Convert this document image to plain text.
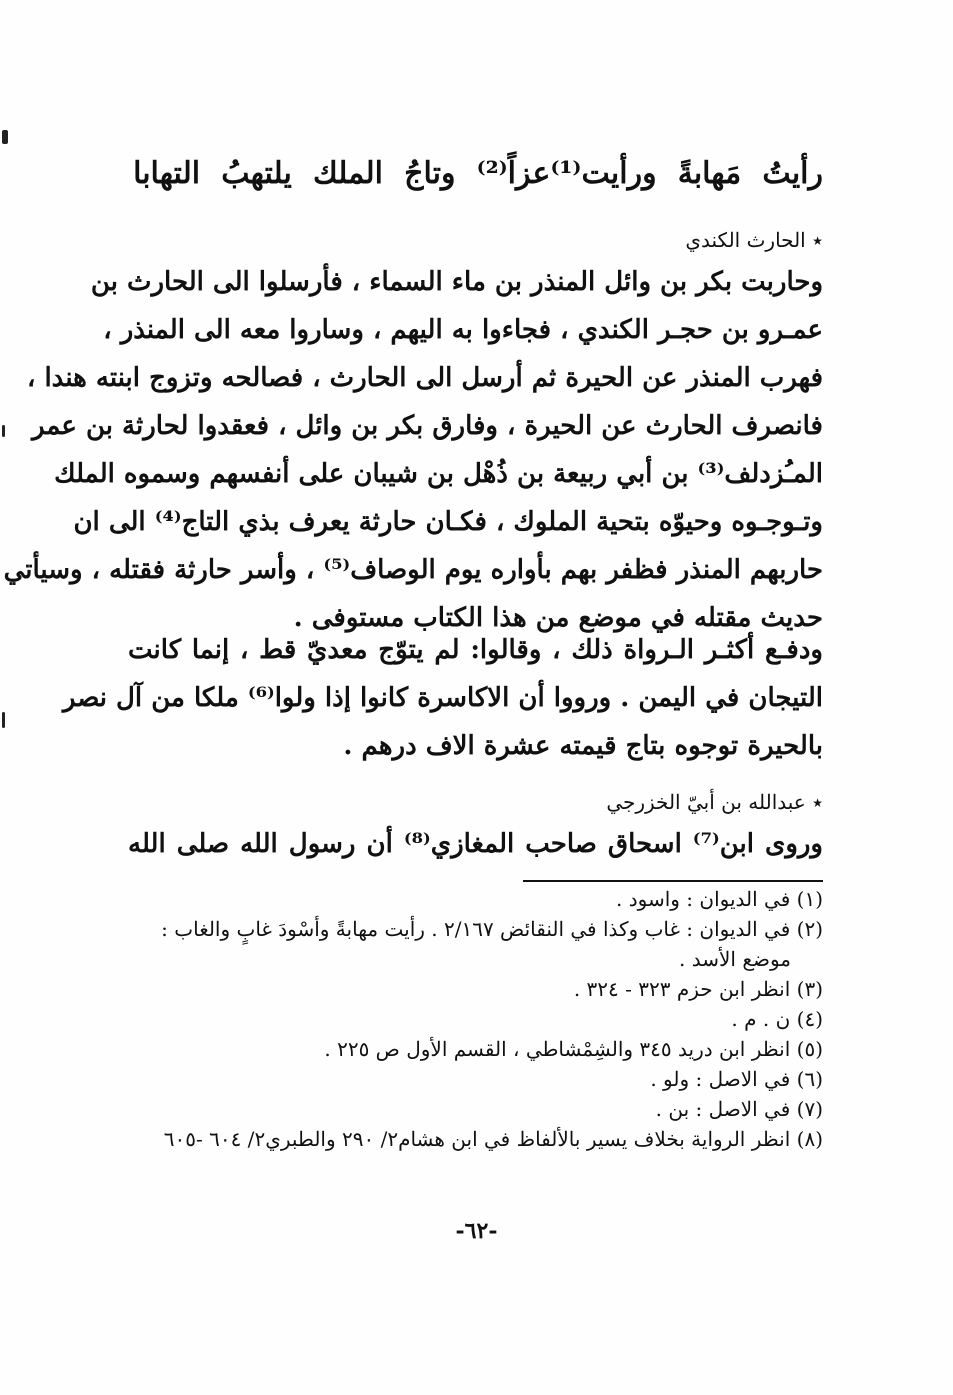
رأيتُ
مَهابةً
ورأيت⁽¹⁾عزاً⁽²⁾
وتاجُ
الملك
يلتهبُ
التهابا
٭ الحارث الكندي
وحاربت بكر بن وائل المنذر بن ماء السماء ، فأرسلوا الى الحارث بن
عمـرو بن حجـر الكندي ، فجاءوا به اليهم ، وساروا معه الى المنذر ،
فهرب المنذر عن الحيرة ثم أرسل الى الحارث ، فصالحه وتزوج ابنته هندا ،
فانصرف الحارث عن الحيرة ، وفارق بكر بن وائل ، فعقدوا لحارثة بن عمر
المـُزدلف⁽³⁾ بن أبي ربيعة بن ذُهْل بن شيبان على أنفسهم وسموه الملك
وتـوجـوه وحيوّه بتحية الملوك ، فكـان حارثة يعرف بذي التاج⁽⁴⁾ الى ان
حاربهم المنذر فظفر بهم بأواره يوم الوصاف⁽⁵⁾ ، وأسر حارثة فقتله ، وسيأتي
حديث مقتله في موضع من هذا الكتاب مستوفى .
ودفـع أكثـر الـرواة ذلك ، وقالوا: لم يتوّج معديّ قط ، إنما كانت
التيجان في اليمن . ورووا أن الاكاسرة كانوا إذا ولوا⁽⁶⁾ ملكا من آل نصر
بالحيرة توجوه بتاج قيمته عشرة الاف درهم .
٭ عبدالله بن أبيّ الخزرجي
وروى ابن⁽⁷⁾ اسحاق صاحب المغازي⁽⁸⁾ أن رسول الله صلى الله
(١) في الديوان : واسود .
(٢) في الديوان : غاب وكذا في النقائض ٢/١٦٧ . رأيت مهابةً وأسْودَ غابٍ والغاب :
موضع الأسد .
(٣) انظر ابن حزم ٣٢٣ - ٣٢٤ .
(٤) ن . م .
(٥) انظر ابن دريد ٣٤٥ والشِمْشاطي ، القسم الأول ص ٢٢٥ .
(٦) في الاصل : ولو .
(٧) في الاصل : بن .
(٨) انظر الرواية بخلاف يسير بالألفاظ في ابن هشام٢/ ٢٩٠ والطبري٢/ ٦٠٤ -٦٠٥
-٦٢-
